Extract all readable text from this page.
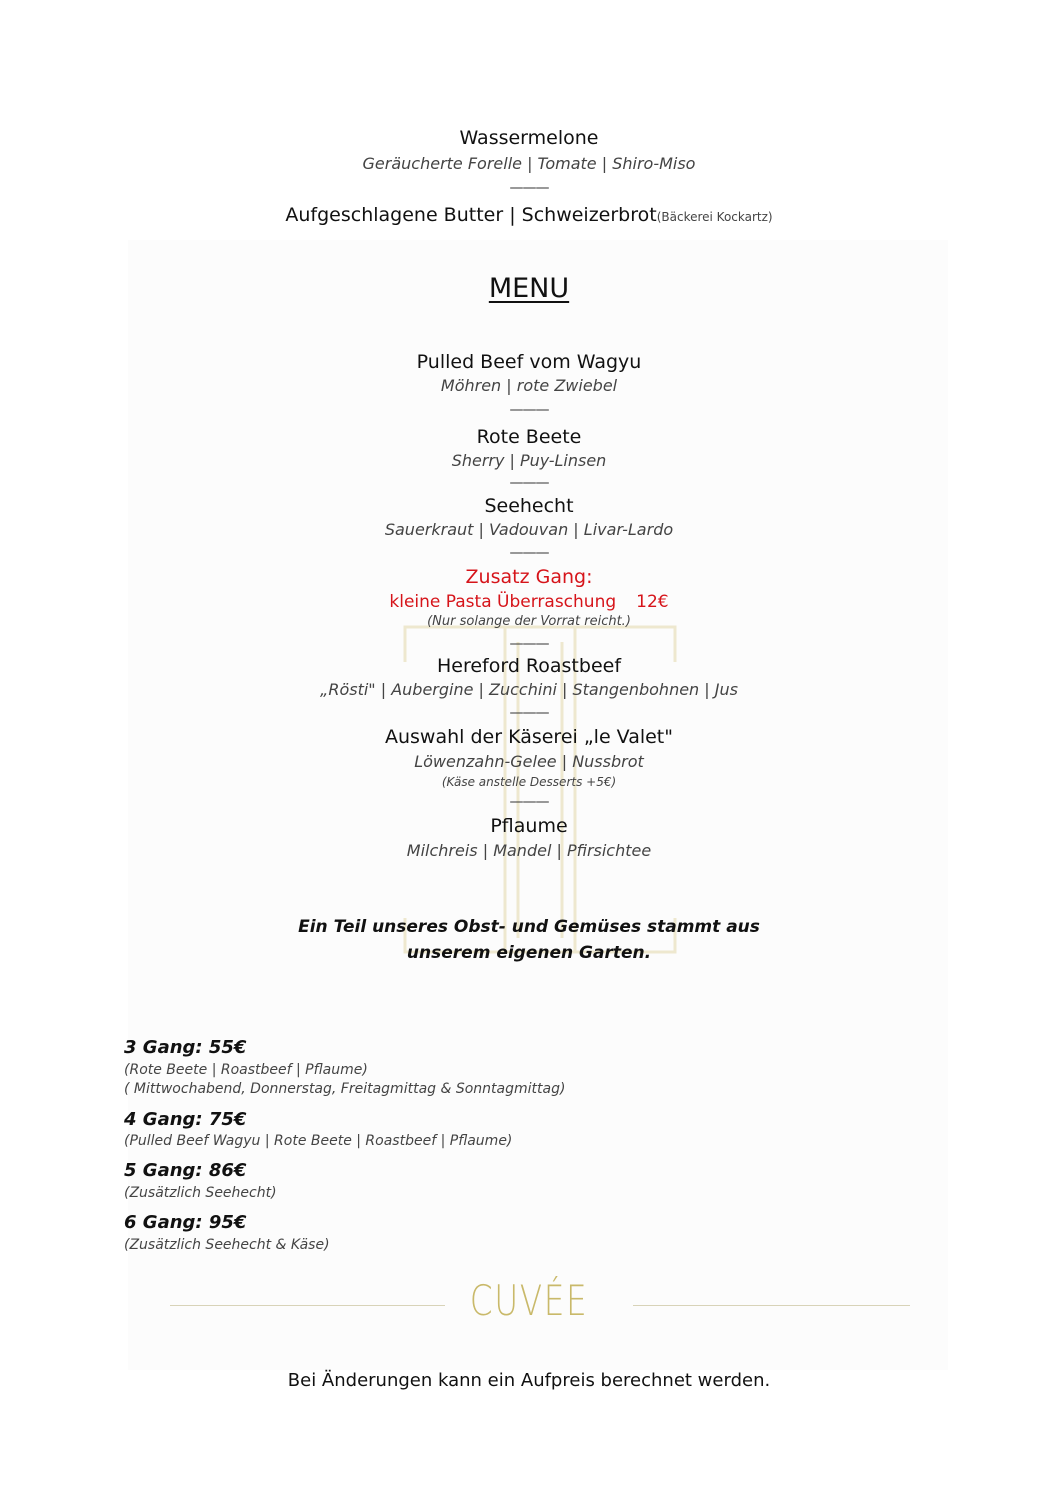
Wassermelone
Geräucherte Forelle | Tomate | Shiro-Miso
———
Aufgeschlagene Butter | Schweizerbrot(Bäckerei Kockartz)
MENU
Pulled Beef vom Wagyu
Möhren | rote Zwiebel
———
Rote Beete
Sherry | Puy-Linsen
———
Seehecht
Sauerkraut | Vadouvan | Livar-Lardo
———
Zusatz Gang:
kleine Pasta Überraschung 12€
(Nur solange der Vorrat reicht.)
———
Hereford Roastbeef
„Rösti" | Aubergine | Zucchini | Stangenbohnen | Jus
———
Auswahl der Käserei „le Valet"
Löwenzahn-Gelee | Nussbrot
(Käse anstelle Desserts +5€)
———
Pflaume
Milchreis | Mandel | Pfirsichtee
Ein Teil unseres Obst- und Gemüses stammt aus
unserem eigenen Garten.
3 Gang: 55€
(Rote Beete | Roastbeef | Pflaume)
( Mittwochabend, Donnerstag, Freitagmittag & Sonntagmittag)
4 Gang: 75€
(Pulled Beef Wagyu | Rote Beete | Roastbeef | Pflaume)
5 Gang: 86€
(Zusätzlich Seehecht)
6 Gang: 95€
(Zusätzlich Seehecht & Käse)
CUVÉE
Bei Änderungen kann ein Aufpreis berechnet werden.
